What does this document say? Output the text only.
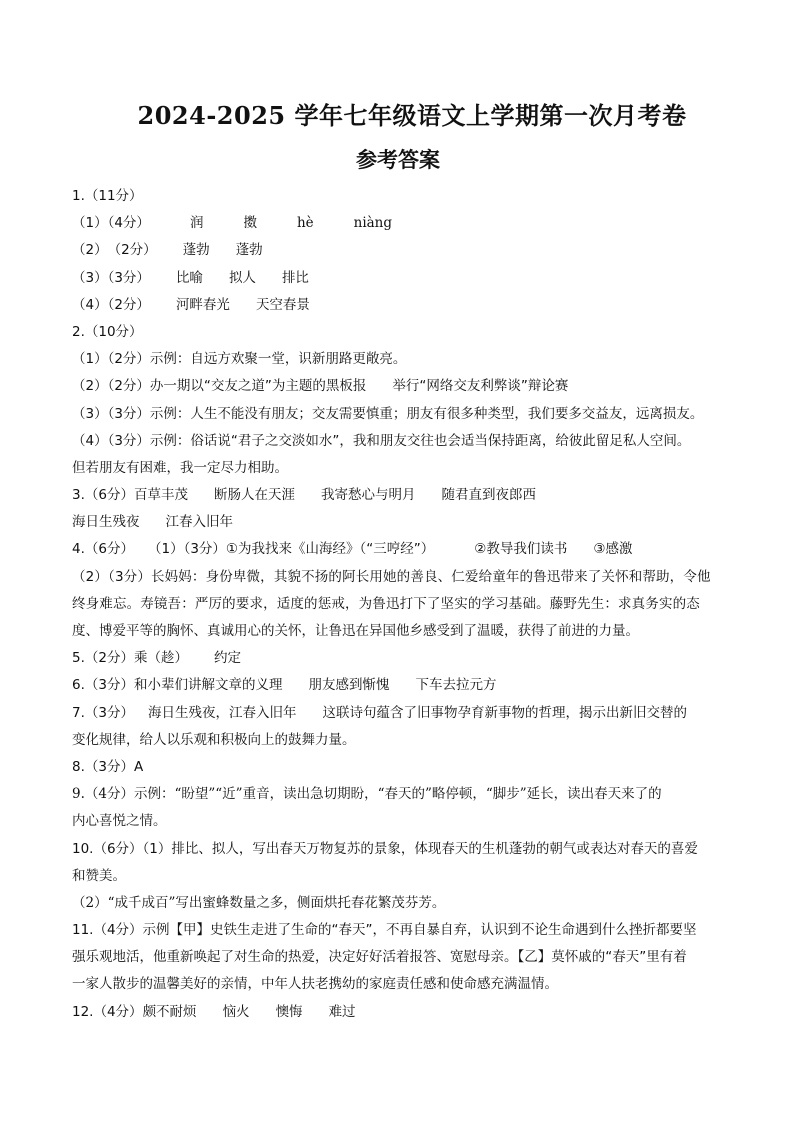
2024-2025 学年七年级语文上学期第一次月考卷
参考答案
1.（11分）
（1）（4分）	润	擞	hè	niàng
（2）　（2分） 蓬勃 蓬勃
（3）（3分） 比喻 拟人 排比
（4）（2分） 河畔春光 天空春景
2.（10分）
（1）（2分）示例：自远方欢聚一堂，识新朋路更敞亮。
（2）（2分）办一期以“交友之道”为主题的黑板报 举行“网络交友利弊谈”辩论赛
（3）（3分）示例：人生不能没有朋友；交友需要慎重；朋友有很多种类型，我们要多交益友，远离损友。
（4）（3分）示例：俗话说“君子之交淡如水”，我和朋友交往也会适当保持距离，给彼此留足私人空间。
但若朋友有困难，我一定尽力相助。
3.（6分）百草丰茂 断肠人在天涯 我寄愁心与明月 随君直到夜郎西
海日生残夜 江春入旧年
4.（6分） （1）（3分）①为我找来《山海经》（“三哼经”）	②教导我们读书 ③感激
（2）（3分）长妈妈：身份卑微，其貌不扬的阿长用她的善良、仁爱给童年的鲁迅带来了关怀和帮助，令他
终身难忘。寿镜吾：严厉的要求，适度的惩戒，为鲁迅打下了坚实的学习基础。藤野先生：求真务实的态
度、博爱平等的胸怀、真诚用心的关怀，让鲁迅在异国他乡感受到了温暖，获得了前进的力量。
5.（2分）乘（趁） 约定
6.（3分）和小辈们讲解文章的义理 朋友感到惭愧 下车去拉元方
7.（3分） 海日生残夜，江春入旧年 这联诗句蕴含了旧事物孕育新事物的哲理，揭示出新旧交替的
变化规律，给人以乐观和积极向上的鼓舞力量。
8.（3分）A
9.（4分）示例：“盼望”“近”重音，读出急切期盼，“春天的”略停顿，“脚步”延长，读出春天来了的
内心喜悦之情。
10.（6分）（1）排比、拟人，写出春天万物复苏的景象，体现春天的生机蓬勃的朝气或表达对春天的喜爱
和赞美。
（2）“成千成百”写出蜜蜂数量之多，侧面烘托春花繁茂芬芳。
11.（4分）示例【甲】史铁生走进了生命的“春天”，不再自暴自弃，认识到不论生命遇到什么挫折都要坚
强乐观地活，他重新唤起了对生命的热爱，决定好好活着报答、宽慰母亲。【乙】莫怀戚的“春天”里有着
一家人散步的温馨美好的亲情，中年人扶老携幼的家庭责任感和使命感充满温情。
12.（4分）颇不耐烦 恼火 懊悔 难过
